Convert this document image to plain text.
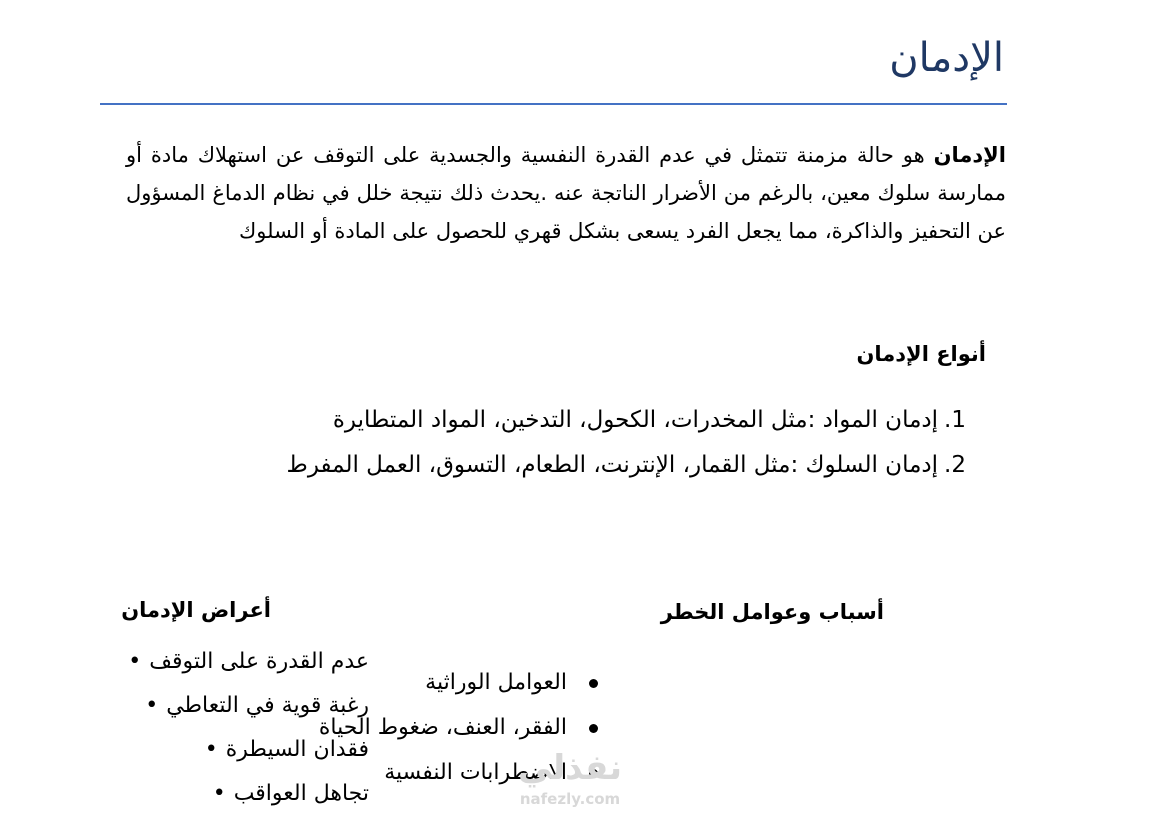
الإدمان
الإدمان هو حالة مزمنة تتمثل في عدم القدرة النفسية والجسدية على التوقف عن استهلاك مادة أو ممارسة سلوك معين، بالرغم من الأضرار الناتجة عنه .يحدث ذلك نتيجة خلل في نظام الدماغ المسؤول عن التحفيز والذاكرة، مما يجعل الفرد يسعى بشكل قهري للحصول على المادة أو السلوك
أنواع الإدمان
1.إدمان المواد :مثل المخدرات، الكحول، التدخين، المواد المتطايرة
2.إدمان السلوك :مثل القمار، الإنترنت، الطعام، التسوق، العمل المفرط
أعراض الإدمان	أسباب وعوامل الخطر
عدم القدرة على التوقف•
رغبة قوية في التعاطي•
فقدان السيطرة•
تجاهل العواقب•
العوامل الوراثية
الفقر، العنف، ضغوط الحياة
الاضطرابات النفسية
نفذلي
nafezly.com
